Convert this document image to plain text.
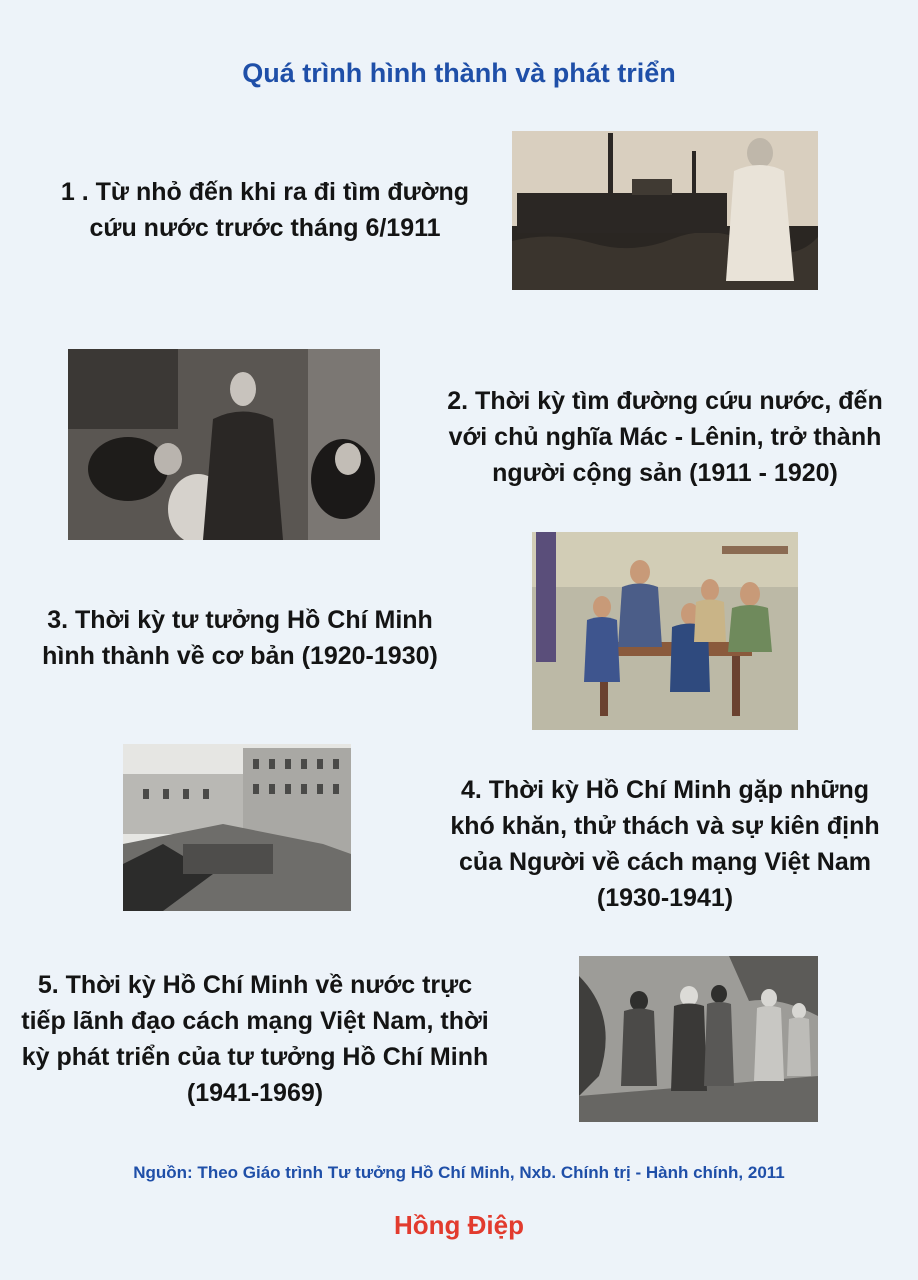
Quá trình hình thành và phát triển
1 . Từ nhỏ đến khi ra đi tìm đường cứu nước trước tháng 6/1911
2. Thời kỳ tìm đường cứu nước, đến với chủ nghĩa Mác - Lênin, trở thành người cộng sản (1911 - 1920)
3. Thời kỳ tư tưởng Hồ Chí Minh hình thành về cơ bản (1920-1930)
4. Thời kỳ Hồ Chí Minh gặp những khó khăn, thử thách và sự kiên định của Người về cách mạng Việt Nam (1930-1941)
5. Thời kỳ Hồ Chí Minh về nước trực tiếp lãnh đạo cách mạng Việt Nam, thời kỳ phát triển của tư tưởng Hồ Chí Minh (1941-1969)
Nguồn: Theo Giáo trình Tư tưởng Hồ Chí Minh, Nxb. Chính trị - Hành chính, 2011
Hồng Điệp
